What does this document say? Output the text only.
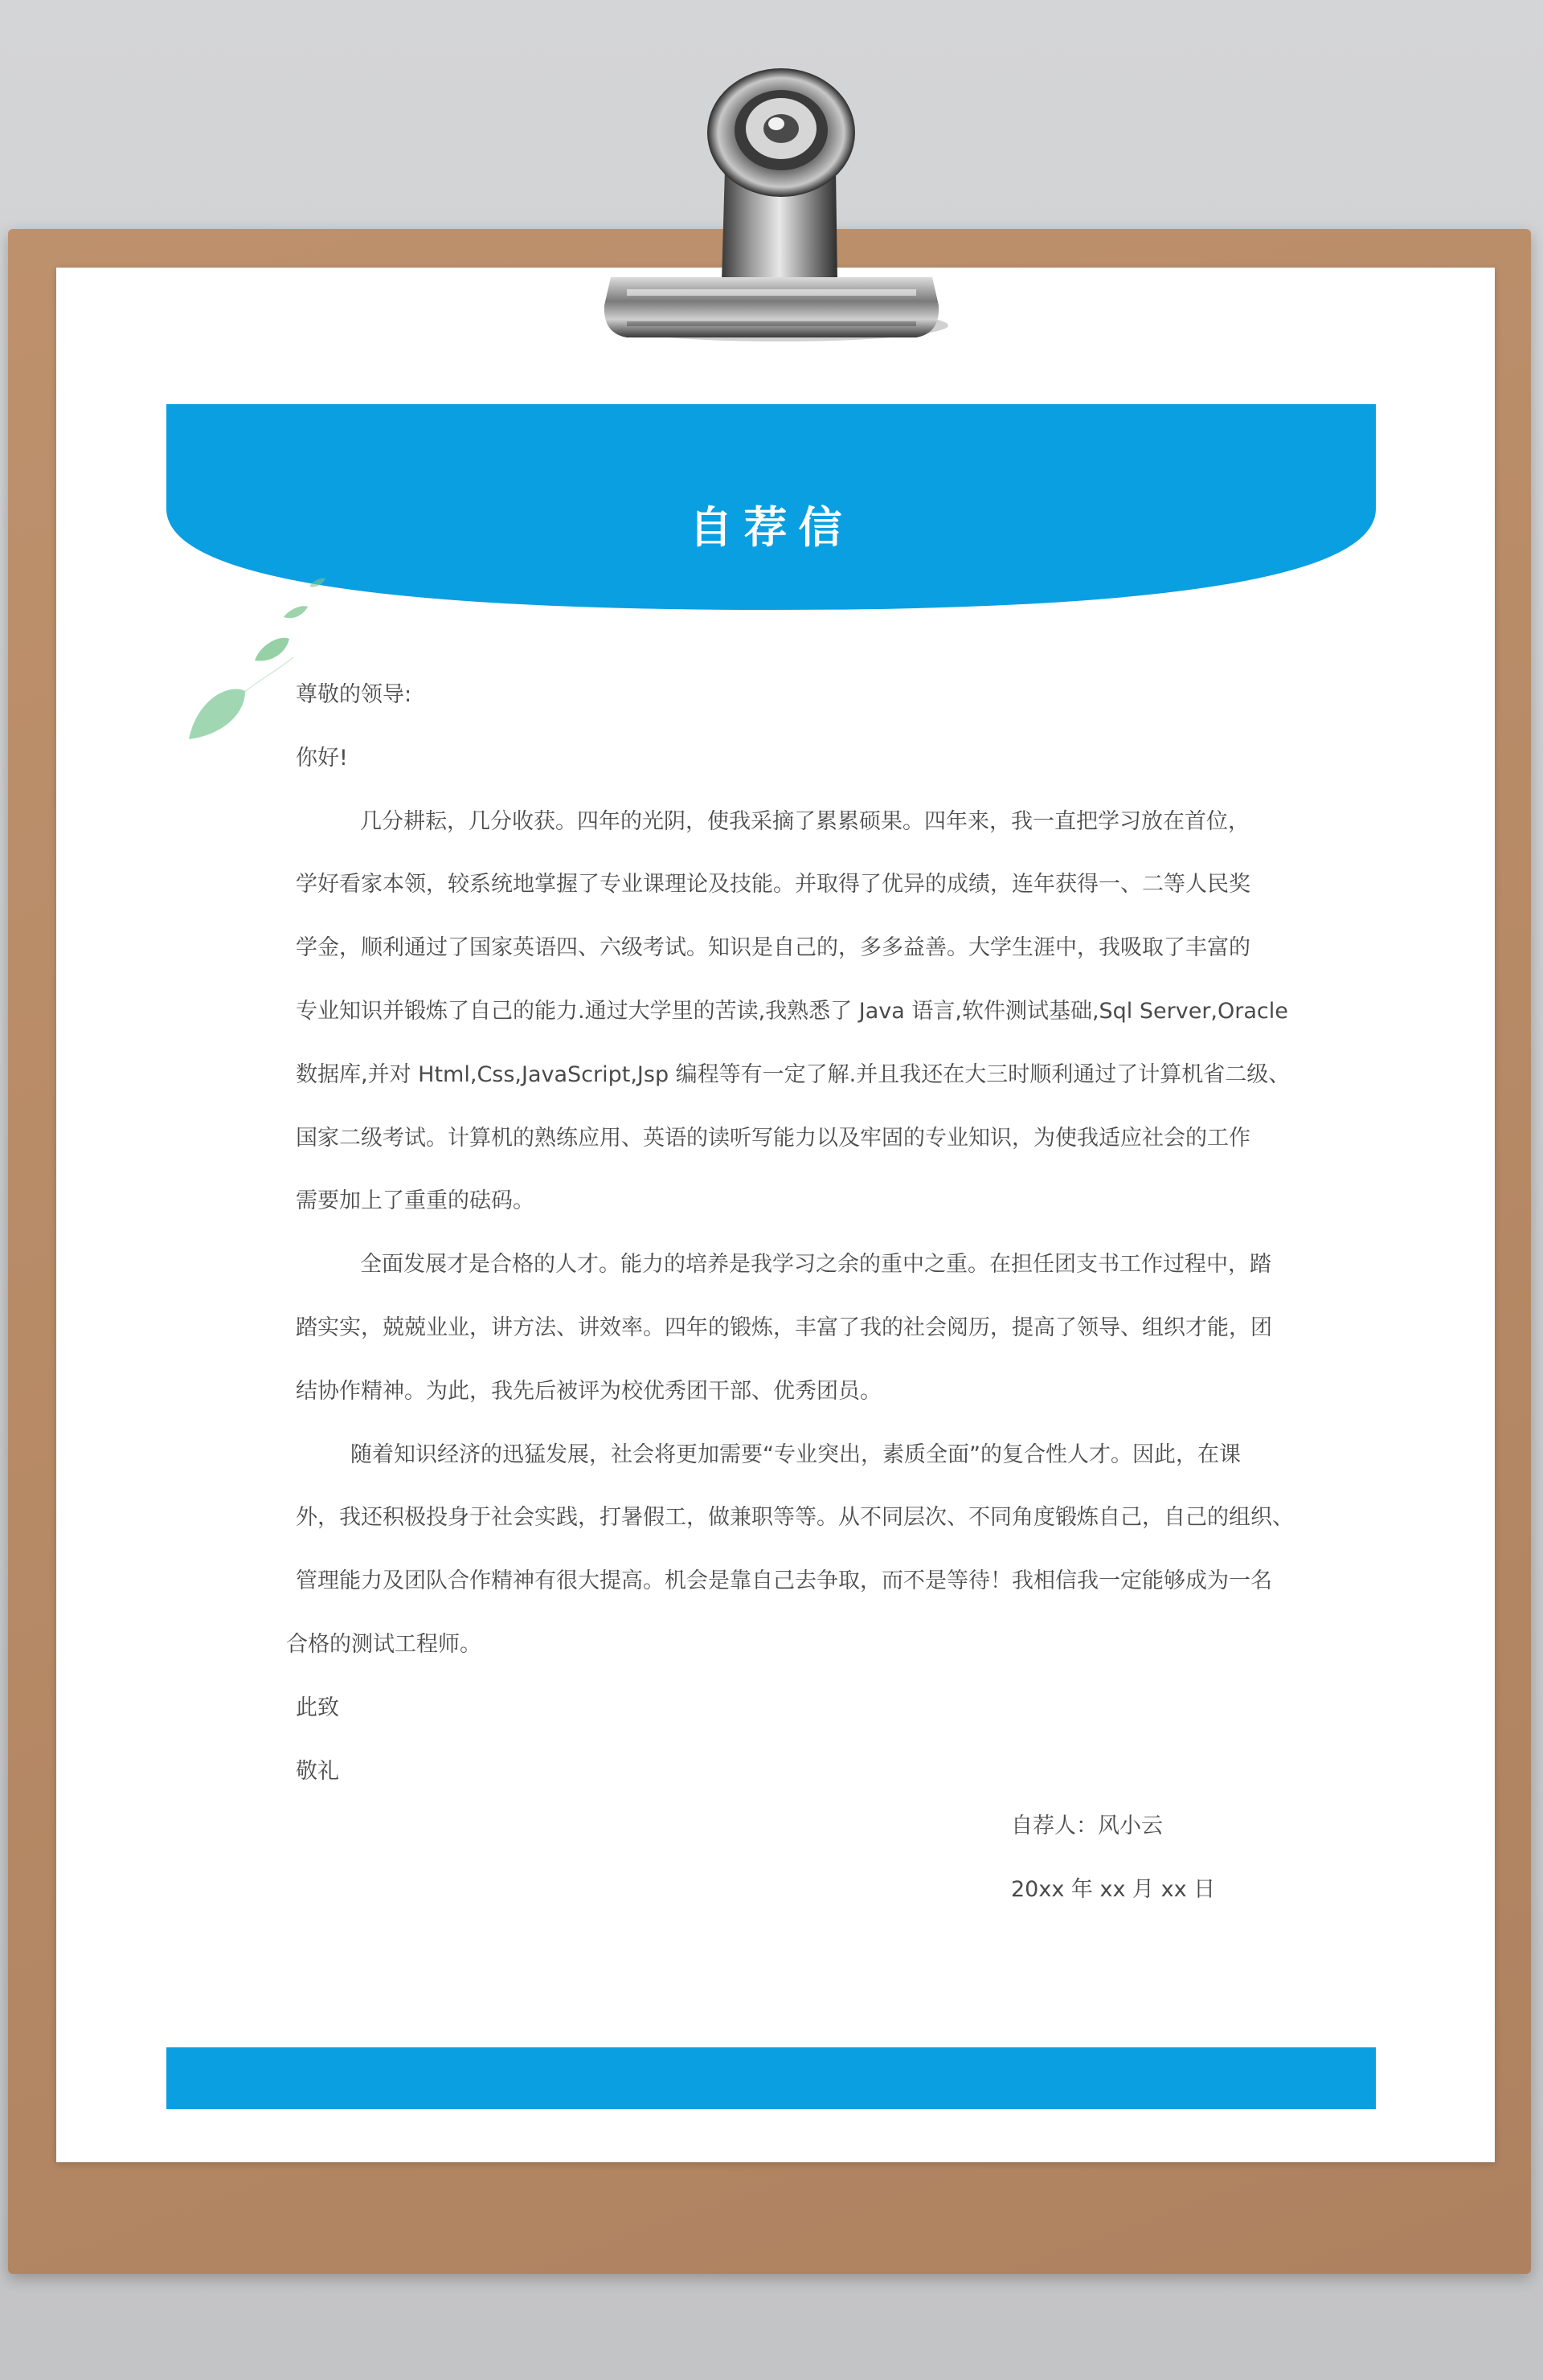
自荐信
尊敬的领导:
你好!
几分耕耘，几分收获。四年的光阴，使我采摘了累累硕果。四年来，我一直把学习放在首位，
学好看家本领，较系统地掌握了专业课理论及技能。并取得了优异的成绩，连年获得一、二等人民奖
学金，顺利通过了国家英语四、六级考试。知识是自己的，多多益善。大学生涯中，我吸取了丰富的
专业知识并锻炼了自己的能力.通过大学里的苦读,我熟悉了 Java 语言,软件测试基础,Sql Server,Oracle
数据库,并对 Html,Css,JavaScript,Jsp 编程等有一定了解.并且我还在大三时顺利通过了计算机省二级、
国家二级考试。计算机的熟练应用、英语的读听写能力以及牢固的专业知识，为使我适应社会的工作
需要加上了重重的砝码。
全面发展才是合格的人才。能力的培养是我学习之余的重中之重。在担任团支书工作过程中，踏
踏实实，兢兢业业，讲方法、讲效率。四年的锻炼，丰富了我的社会阅历，提高了领导、组织才能，团
结协作精神。为此，我先后被评为校优秀团干部、优秀团员。
随着知识经济的迅猛发展，社会将更加需要“专业突出，素质全面”的复合性人才。因此，在课
外，我还积极投身于社会实践，打暑假工，做兼职等等。从不同层次、不同角度锻炼自己，自己的组织、
管理能力及团队合作精神有很大提高。机会是靠自己去争取，而不是等待！我相信我一定能够成为一名
合格的测试工程师。
此致
敬礼
自荐人：风小云
20xx 年 xx 月 xx 日
